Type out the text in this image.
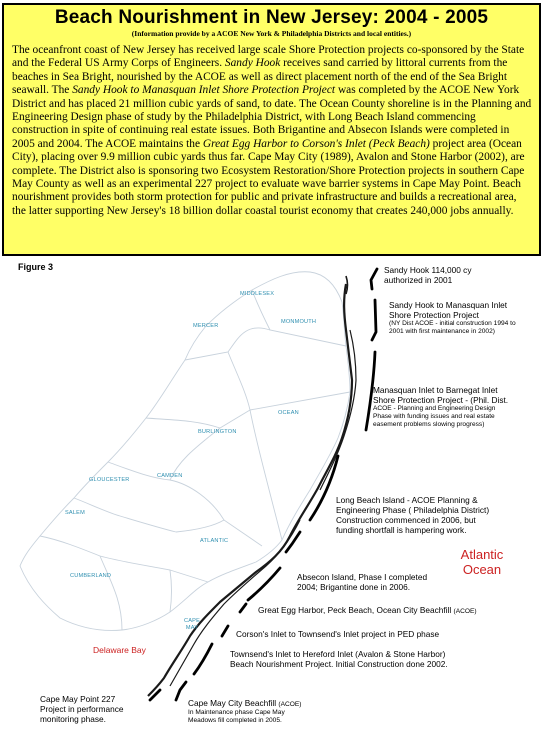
Beach Nourishment in New Jersey: 2004 - 2005
(Information provide by a ACOE New York & Philadelphia Districts and local entities.)
The oceanfront coast of New Jersey has received large scale Shore Protection projects co-sponsored by the State and the Federal US Army Corps of Engineers. Sandy Hook receives sand carried by littoral currents from the beaches in Sea Bright, nourished by the ACOE as well as direct placement north of the end of the Sea Bright seawall. The Sandy Hook to Manasquan Inlet Shore Protection Project was completed by the ACOE New York District and has placed 21 million cubic yards of sand, to date. The Ocean County shoreline is in the Planning and Engineering Design phase of study by the Philadelphia District, with Long Beach Island commencing construction in spite of continuing real estate issues. Both Brigantine and Absecon Islands were completed in 2005 and 2004. The ACOE maintains the Great Egg Harbor to Corson's Inlet (Peck Beach) project area (Ocean City), placing over 9.9 million cubic yards thus far. Cape May City (1989), Avalon and Stone Harbor (2002), are complete. The District also is sponsoring two Ecosystem Restoration/Shore Protection projects in southern Cape May County as well as an experimental 227 project to evaluate wave barrier systems in Cape May Point. Beach nourishment provides both storm protection for public and private infrastructure and builds a recreational area, the latter supporting New Jersey's 18 billion dollar coastal tourist economy that creates 240,000 jobs annually.
Figure 3
MIDDLESEX
MERCER
MONMOUTH
OCEAN
BURLINGTON
GLOUCESTER
CAMDEN
SALEM
ATLANTIC
CUMBERLAND
CAPE MAY
Atlantic Ocean
Delaware Bay
Sandy Hook 114,000 cy
authorized in 2001
Sandy Hook to Manasquan Inlet
Shore Protection Project
(NY Dist ACOE - initial construction 1994 to
2001 with first maintenance in 2002)
Manasquan Inlet to Barnegat Inlet
Shore Protection Project - (Phil. Dist.
ACOE - Planning and Engineering Design
Phase with funding issues and real estate
easement problems slowing progress)
Long Beach Island - ACOE Planning &
Engineering Phase ( Philadelphia District)
Construction commenced in 2006, but
funding shortfall is hampering work.
Absecon Island, Phase I completed
2004; Brigantine done in 2006.
Great Egg Harbor, Peck Beach, Ocean City Beachfill (ACOE)
Corson's Inlet to Townsend's Inlet project in PED phase
Townsend's Inlet to Hereford Inlet (Avalon & Stone Harbor)
Beach Nourishment Project. Initial Construction done 2002.
Cape May Point 227
Project in performance
monitoring phase.
Cape May City Beachfill (ACOE)
In Maintenance phase Cape May
Meadows fill completed in 2005.
